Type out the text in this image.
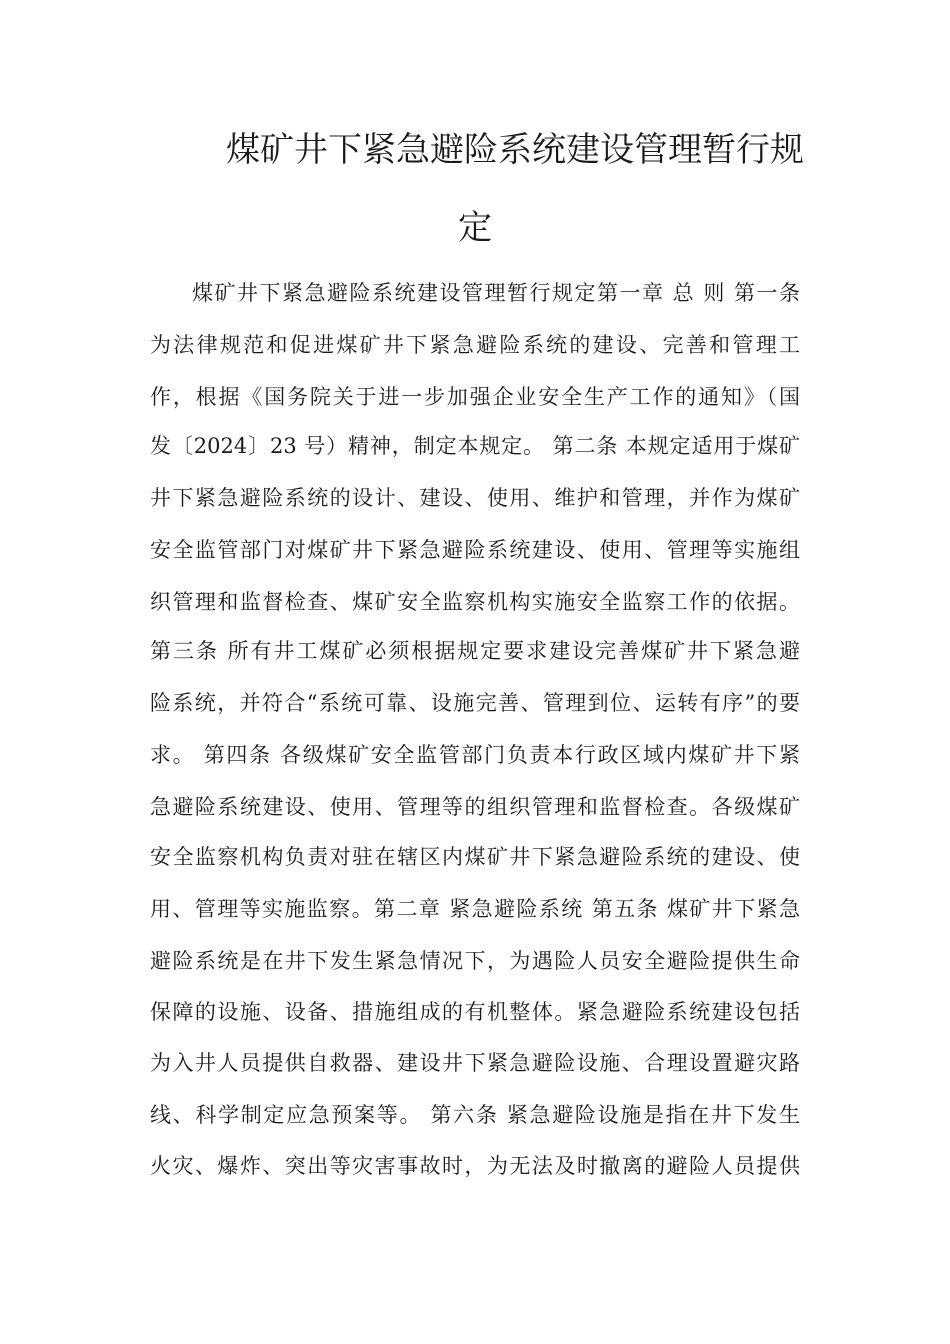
煤矿井下紧急避险系统建设管理暂行规
定
煤矿井下紧急避险系统建设管理暂行规定第一章 总 则 第一条
为法律规范和促进煤矿井下紧急避险系统的建设、完善和管理工
作，根据《国务院关于进一步加强企业安全生产工作的通知》（国
发〔2024〕23 号）精神，制定本规定。 第二条 本规定适用于煤矿
井下紧急避险系统的设计、建设、使用、维护和管理，并作为煤矿
安全监管部门对煤矿井下紧急避险系统建设、使用、管理等实施组
织管理和监督检查、煤矿安全监察机构实施安全监察工作的依据。
第三条 所有井工煤矿必须根据规定要求建设完善煤矿井下紧急避
险系统，并符合“系统可靠、设施完善、管理到位、运转有序”的要
求。 第四条 各级煤矿安全监管部门负责本行政区域内煤矿井下紧
急避险系统建设、使用、管理等的组织管理和监督检查。各级煤矿
安全监察机构负责对驻在辖区内煤矿井下紧急避险系统的建设、使
用、管理等实施监察。第二章 紧急避险系统 第五条 煤矿井下紧急
避险系统是在井下发生紧急情况下，为遇险人员安全避险提供生命
保障的设施、设备、措施组成的有机整体。紧急避险系统建设包括
为入井人员提供自救器、建设井下紧急避险设施、合理设置避灾路
线、科学制定应急预案等。 第六条 紧急避险设施是指在井下发生
火灾、爆炸、突出等灾害事故时，为无法及时撤离的避险人员提供
